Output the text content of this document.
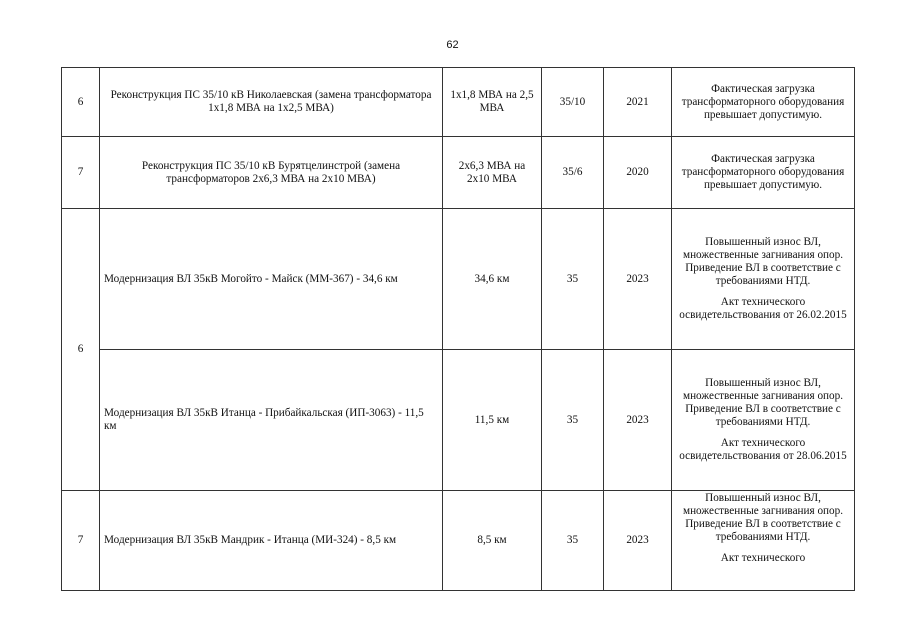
62
6	Реконструкция ПС 35/10 кВ Николаевская (замена трансформатора 1х1,8 МВА на 1х2,5 МВА)	1х1,8 МВА на 2,5 МВА	35/10	2021	Фактическая загрузка трансформаторного оборудования превышает допустимую.
7	Реконструкция ПС 35/10 кВ Бурятцелинстрой (замена трансформаторов 2х6,3 МВА на 2х10 МВА)	2х6,3 МВА на 2х10 МВА	35/6	2020	Фактическая загрузка трансформаторного оборудования превышает допустимую.
6	Модернизация ВЛ 35кВ Могойто - Майск (ММ-367) - 34,6 км	34,6 км	35	2023	Повышенный износ ВЛ, множественные загнивания опор. Приведение ВЛ в соответствие с требованиями НТД.
Акт технического освидетельствования от 26.02.2015

	Модернизация ВЛ 35кВ Итанца - Прибайкальская (ИП-3063) - 11,5 км	11,5 км	35	2023	Повышенный износ ВЛ, множественные загнивания опор. Приведение ВЛ в соответствие с требованиями НТД.
Акт технического освидетельствования от 28.06.2015

7	Модернизация ВЛ 35кВ Мандрик - Итанца (МИ-324) - 8,5 км	8,5 км	35	2023	Повышенный износ ВЛ, множественные загнивания опор. Приведение ВЛ в соответствие с требованиями НТД.
Акт технического
